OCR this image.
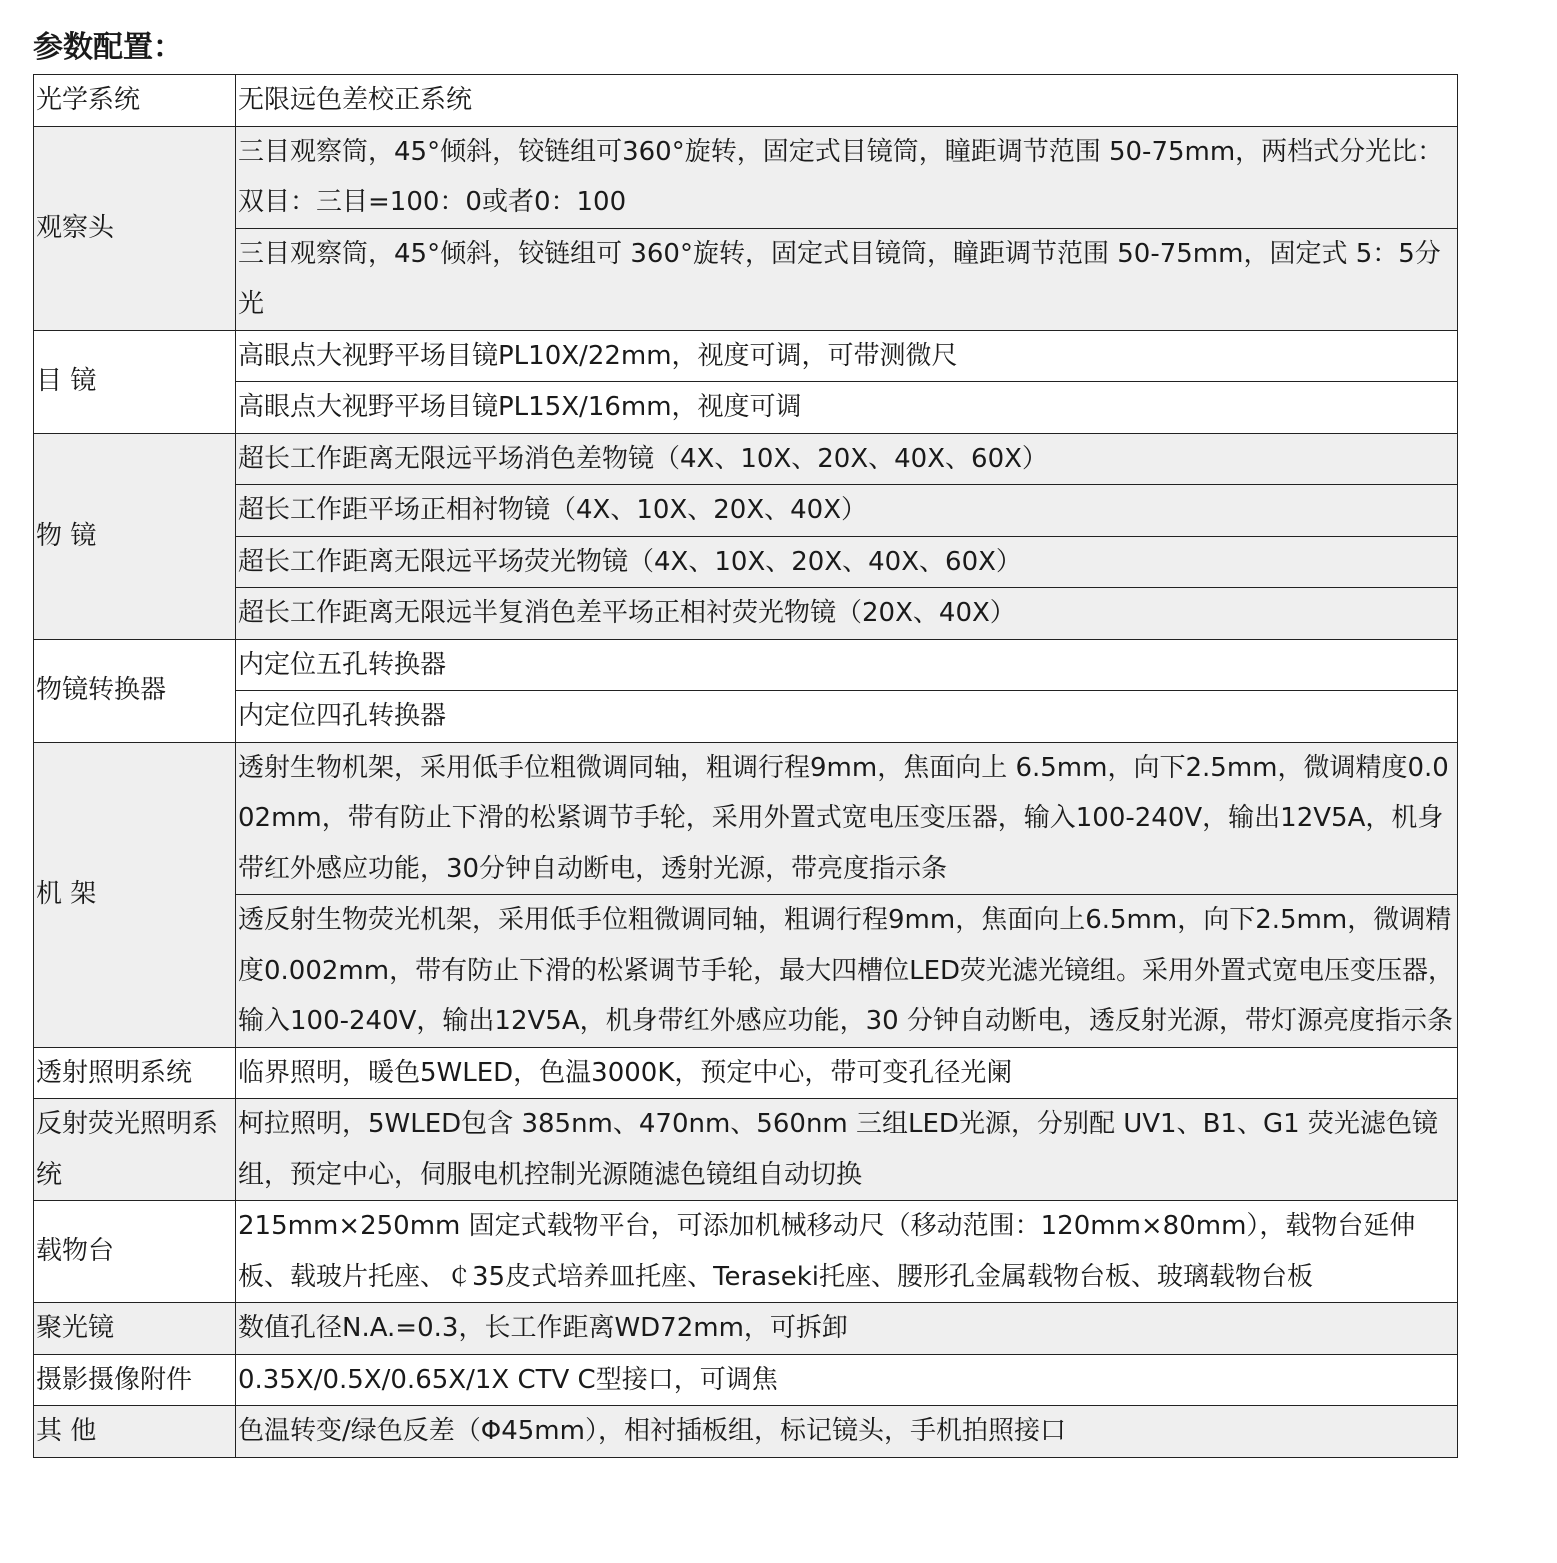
参数配置：
光学系统	无限远色差校正系统
观察头	三目观察筒，45°倾斜，铰链组可360°旋转，固定式目镜筒，瞳距调节范围 50-75mm，两档式分光比：双目：三目=100：0或者0：100
	三目观察筒，45°倾斜，铰链组可 360°旋转，固定式目镜筒，瞳距调节范围 50-75mm，固定式 5：5分光
目 镜	高眼点大视野平场目镜PL10X/22mm，视度可调，可带测微尺
	高眼点大视野平场目镜PL15X/16mm，视度可调
物 镜	超长工作距离无限远平场消色差物镜（4X、10X、20X、40X、60X）
	超长工作距平场正相衬物镜（4X、10X、20X、40X）
	超长工作距离无限远平场荧光物镜（4X、10X、20X、40X、60X）
	超长工作距离无限远半复消色差平场正相衬荧光物镜（20X、40X）
物镜转换器	内定位五孔转换器
	内定位四孔转换器
机 架	透射生物机架，采用低手位粗微调同轴，粗调行程9mm，焦面向上 6.5mm，向下2.5mm，微调精度0.002mm，带有防止下滑的松紧调节手轮，采用外置式宽电压变压器，输入100-240V，输出12V5A，机身带红外感应功能，30分钟自动断电，透射光源，带亮度指示条
	透反射生物荧光机架，采用低手位粗微调同轴，粗调行程9mm，焦面向上6.5mm，向下2.5mm，微调精度0.002mm，带有防止下滑的松紧调节手轮，最大四槽位LED荧光滤光镜组。采用外置式宽电压变压器，输入100-240V，输出12V5A，机身带红外感应功能，30 分钟自动断电，透反射光源，带灯源亮度指示条
透射照明系统	临界照明，暖色5WLED，色温3000K，预定中心，带可变孔径光阑
反射荧光照明系统	柯拉照明，5WLED包含 385nm、470nm、560nm 三组LED光源，分别配 UV1、B1、G1 荧光滤色镜组，预定中心，伺服电机控制光源随滤色镜组自动切换
载物台	215mm×250mm 固定式载物平台，可添加机械移动尺（移动范围：120mm×80mm），载物台延伸板、载玻片托座、￠35皮式培养皿托座、Teraseki托座、腰形孔金属载物台板、玻璃载物台板
聚光镜	数值孔径N.A.=0.3，长工作距离WD72mm，可拆卸
摄影摄像附件	0.35X/0.5X/0.65X/1X CTV C型接口，可调焦
其 他	色温转变/绿色反差（Φ45mm），相衬插板组，标记镜头，手机拍照接口
